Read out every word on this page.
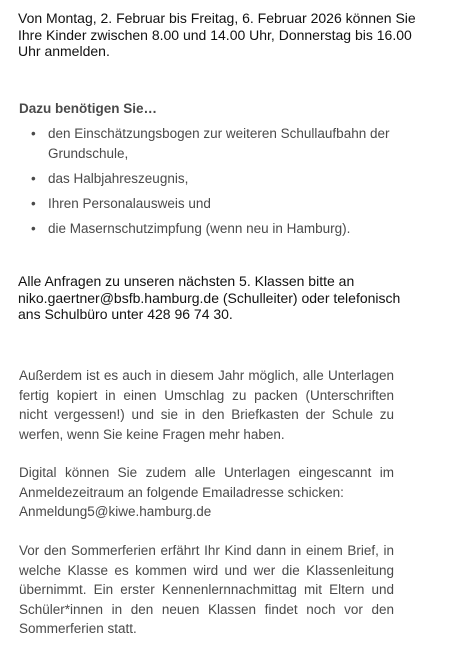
Von Montag, 2. Februar bis Freitag, 6. Februar 2026 können Sie Ihre Kinder zwischen 8.00 und 14.00 Uhr, Donnerstag bis 16.00 Uhr anmelden.

Dazu benötigen Sie…
• den Einschätzungsbogen zur weiteren Schullaufbahn der Grundschule,
• das Halbjahreszeugnis,
• Ihren Personalausweis und
• die Masernschutzimpfung (wenn neu in Hamburg).

Alle Anfragen zu unseren nächsten 5. Klassen bitte an
niko.gaertner@bsfb.hamburg.de (Schulleiter) oder telefonisch
ans Schulbüro unter 428 96 74 30.

Außerdem ist es auch in diesem Jahr möglich, alle Unterlagen fertig kopiert in einen Umschlag zu packen (Unterschriften nicht vergessen!) und sie in den Briefkasten der Schule zu werfen, wenn Sie keine Fragen mehr haben.

Digital können Sie zudem alle Unterlagen eingescannt im Anmeldezeitraum an folgende Emailadresse schicken:
Anmeldung5@kiwe.hamburg.de

Vor den Sommerferien erfährt Ihr Kind dann in einem Brief, in welche Klasse es kommen wird und wer die Klassenleitung übernimmt. Ein erster Kennenlernnachmittag mit Eltern und Schüler*innen in den neuen Klassen findet noch vor den Sommerferien statt.
